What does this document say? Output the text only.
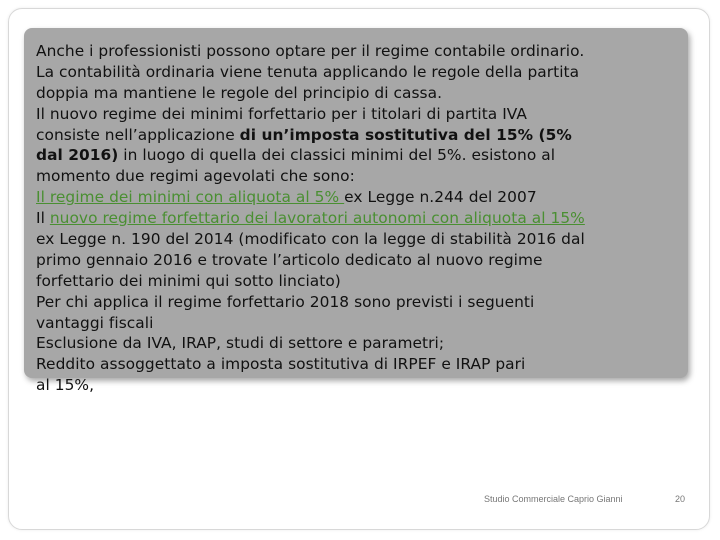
Anche i professionisti possono optare per il regime contabile ordinario.
La contabilità ordinaria viene tenuta applicando le regole della partita
doppia ma mantiene le regole del principio di cassa.
Il nuovo regime dei minimi forfettario per i titolari di partita IVA
consiste nell’applicazione di un’imposta sostitutiva del 15% (5%
dal 2016) in luogo di quella dei classici minimi del 5%. esistono al
momento due regimi agevolati che sono:
Il regime dei minimi con aliquota al 5% ex Legge n.244 del 2007
Il nuovo regime forfettario dei lavoratori autonomi con aliquota al 15%
ex Legge n. 190 del 2014 (modificato con la legge di stabilità 2016 dal
primo gennaio 2016 e trovate l’articolo dedicato al nuovo regime
forfettario dei minimi qui sotto linciato)
Per chi applica il regime forfettario 2018 sono previsti i seguenti
vantaggi fiscali
Esclusione da IVA, IRAP, studi di settore e parametri;
Reddito assoggettato a imposta sostitutiva di IRPEF e IRAP pari
al 15%,
Studio Commerciale Caprio Gianni	20
